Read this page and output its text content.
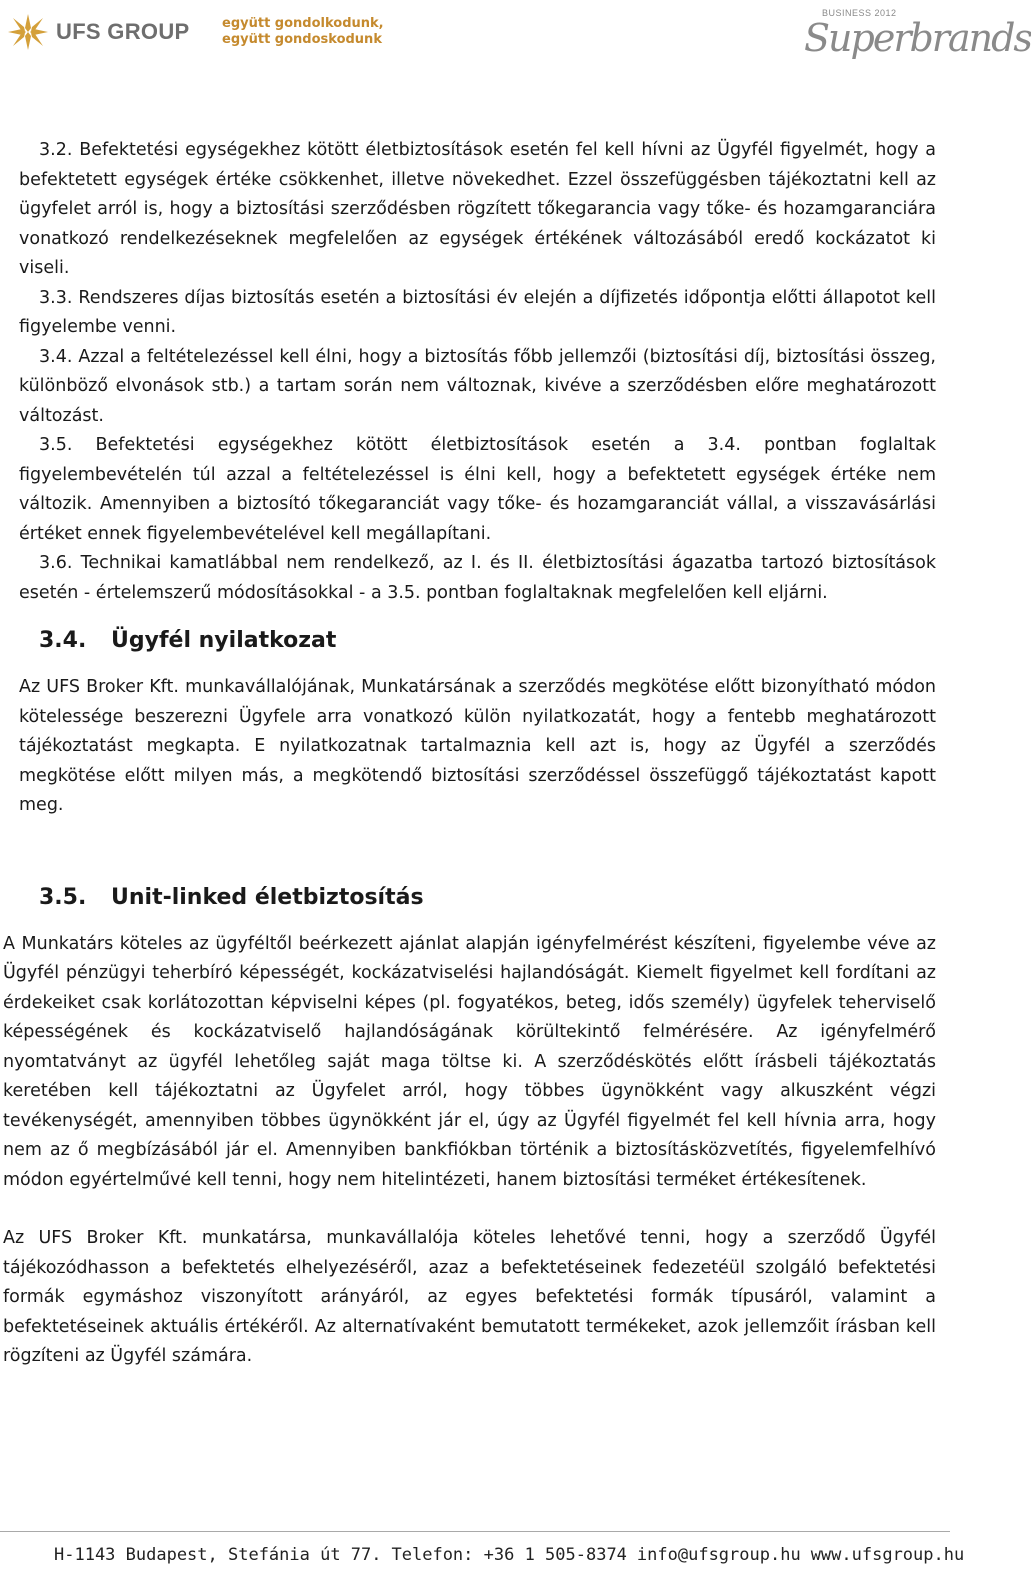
UFS GROUP	együtt gondolkodunk,
együtt gondoskodunk
BUSINESS 2012
Superbrands

3.2. Befektetési egységekhez kötött életbiztosítások esetén fel kell hívni az Ügyfél figyelmét, hogy a befektetett egységek értéke csökkenhet, illetve növekedhet. Ezzel összefüggésben tájékoztatni kell az ügyfelet arról is, hogy a biztosítási szerződésben rögzített tőkegarancia vagy tőke- és hozamgaranciára vonatkozó rendelkezéseknek megfelelően az egységek értékének változásából eredő kockázatot ki viseli.

3.3. Rendszeres díjas biztosítás esetén a biztosítási év elején a díjfizetés időpontja előtti állapotot kell figyelembe venni.

3.4. Azzal a feltételezéssel kell élni, hogy a biztosítás főbb jellemzői (biztosítási díj, biztosítási összeg, különböző elvonások stb.) a tartam során nem változnak, kivéve a szerződésben előre meghatározott változást.

3.5. Befektetési egységekhez kötött életbiztosítások esetén a 3.4. pontban foglaltak figyelembevételén túl azzal a feltételezéssel is élni kell, hogy a befektetett egységek értéke nem változik. Amennyiben a biztosító tőkegaranciát vagy tőke- és hozamgaranciát vállal, a visszavásárlási értéket ennek figyelembevételével kell megállapítani.

3.6. Technikai kamatlábbal nem rendelkező, az I. és II. életbiztosítási ágazatba tartozó biztosítások esetén - értelemszerű módosításokkal - a 3.5. pontban foglaltaknak megfelelően kell eljárni.

3.4. Ügyfél nyilatkozat

Az UFS Broker Kft. munkavállalójának, Munkatársának a szerződés megkötése előtt bizonyítható módon kötelessége beszerezni Ügyfele arra vonatkozó külön nyilatkozatát, hogy a fentebb meghatározott tájékoztatást megkapta. E nyilatkozatnak tartalmaznia kell azt is, hogy az Ügyfél a szerződés megkötése előtt milyen más, a megkötendő biztosítási szerződéssel összefüggő tájékoztatást kapott meg.

3.5. Unit-linked életbiztosítás

A Munkatárs köteles az ügyféltől beérkezett ajánlat alapján igényfelmérést készíteni, figyelembe véve az Ügyfél pénzügyi teherbíró képességét, kockázatviselési hajlandóságát. Kiemelt figyelmet kell fordítani az érdekeiket csak korlátozottan képviselni képes (pl. fogyatékos, beteg, idős személy) ügyfelek teherviselő képességének és kockázatviselő hajlandóságának körültekintő felmérésére. Az igényfelmérő nyomtatványt az ügyfél lehetőleg saját maga töltse ki. A szerződéskötés előtt írásbeli tájékoztatás keretében kell tájékoztatni az Ügyfelet arról, hogy többes ügynökként vagy alkuszként végzi tevékenységét, amennyiben többes ügynökként jár el, úgy az Ügyfél figyelmét fel kell hívnia arra, hogy nem az ő megbízásából jár el. Amennyiben bankfiókban történik a biztosításközvetítés, figyelemfelhívó módon egyértelművé kell tenni, hogy nem hitelintézeti, hanem biztosítási terméket értékesítenek.

Az UFS Broker Kft. munkatársa, munkavállalója köteles lehetővé tenni, hogy a szerződő Ügyfél tájékozódhasson a befektetés elhelyezéséről, azaz a befektetéseinek fedezetéül szolgáló befektetési formák egymáshoz viszonyított arányáról, az egyes befektetési formák típusáról, valamint a befektetéseinek aktuális értékéről. Az alternatívaként bemutatott termékeket, azok jellemzőit írásban kell rögzíteni az Ügyfél számára.

H-1143 Budapest, Stefánia út 77. Telefon: +36 1 505-8374 info@ufsgroup.hu www.ufsgroup.hu
